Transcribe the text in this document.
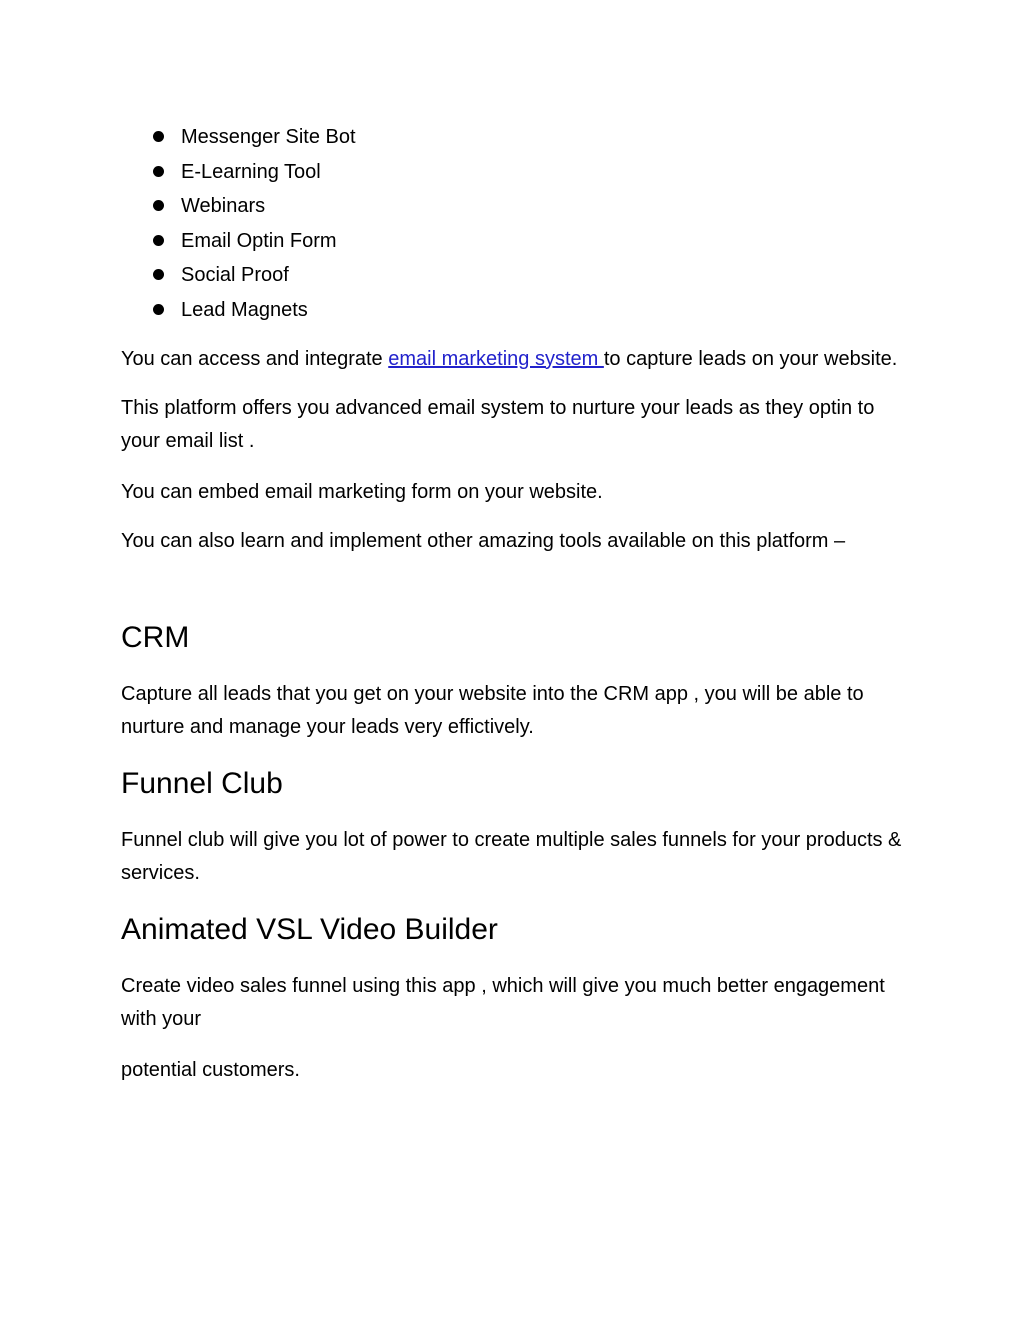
Messenger Site Bot
E-Learning Tool
Webinars
Email Optin Form
Social Proof
Lead Magnets

You can access and integrate email marketing system to capture leads on your website.

This platform offers you advanced email system to nurture your leads as they optin to your email list .

You can embed email marketing form on your website.

You can also learn and implement other amazing tools available on this platform –

CRM

Capture all leads that you get on your website into the CRM app , you will be able to nurture and manage your leads very effictively.

Funnel Club

Funnel club will give you lot of power to create multiple sales funnels for your products & services.

Animated VSL Video Builder

Create video sales funnel using this app , which will give you much better engagement with your

potential customers.
